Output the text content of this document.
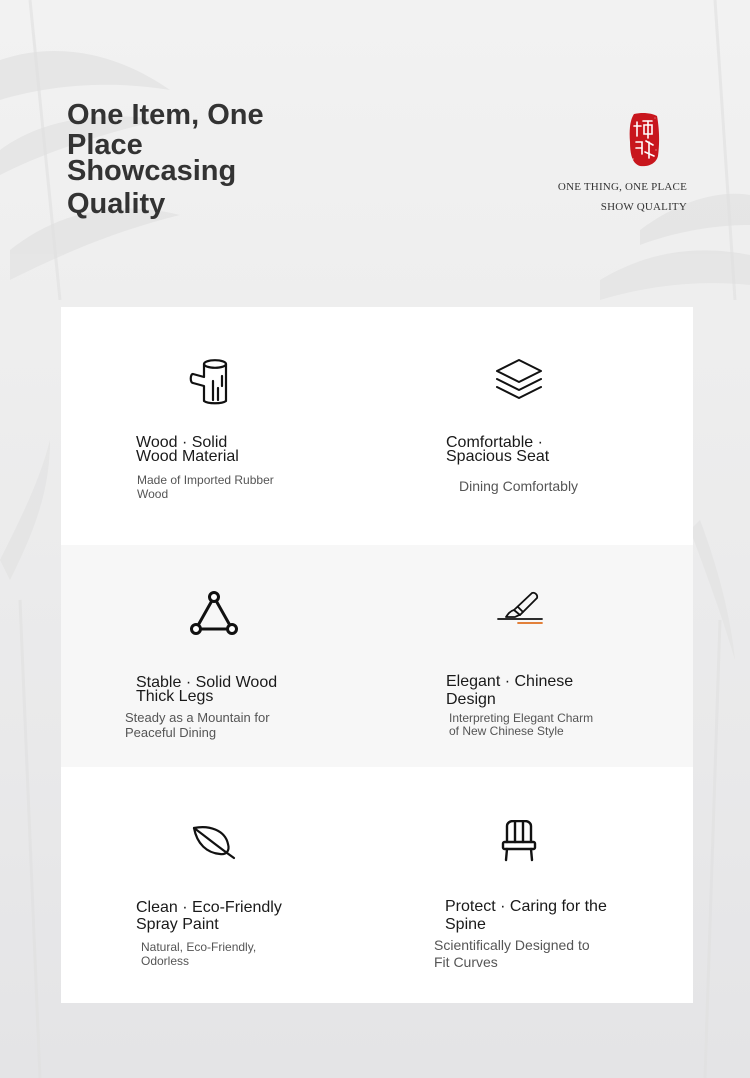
One Item, One
Place
Showcasing
Quality
ONE THING, ONE PLACE
SHOW QUALITY
Wood · Solid
Wood Material

Made of Imported Rubber
Wood

Comfortable ·
Spacious Seat

Dining Comfortably

Stable · Solid Wood
Thick Legs

Steady as a Mountain for
Peaceful Dining

Elegant · Chinese
Design

Interpreting Elegant Charm
of New Chinese Style

Clean · Eco-Friendly
Spray Paint

Natural, Eco-Friendly,
Odorless

Protect · Caring for the
Spine

Scientifically Designed to
Fit Curves
